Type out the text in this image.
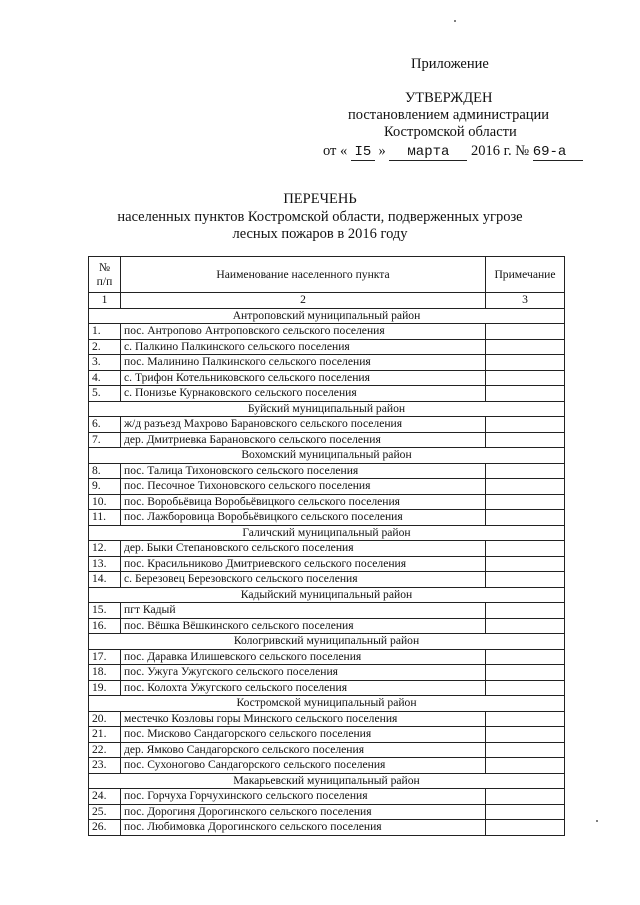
Приложение
УТВЕРЖДЕН
постановлением администрации
Костромской области
от « I5 » марта 2016 г. № 69-а
ПЕРЕЧЕНЬ
населенных пунктов Костромской области, подверженных угрозе
лесных пожаров в 2016 году
№
п/п	Наименование населенного пункта	Примечание
1	2	3
Антроповский муниципальный район		
1.	пос. Антропово Антроповского сельского поселения	
2.	с. Палкино Палкинского сельского поселения	
3.	пос. Малинино Палкинского сельского поселения	
4.	с. Трифон Котельниковского сельского поселения	
5.	с. Понизье Курнаковского сельского поселения	
Буйский муниципальный район		
6.	ж/д разъезд Махрово Барановского сельского поселения	
7.	дер. Дмитриевка Барановского сельского поселения	
Вохомский муниципальный район		
8.	пос. Талица Тихоновского сельского поселения	
9.	пос. Песочное Тихоновского сельского поселения	
10.	пос. Воробьёвица Воробьёвицкого сельского поселения	
11.	пос. Лажборовица Воробьёвицкого сельского поселения	
Галичский муниципальный район		
12.	дер. Быки Степановского сельского поселения	
13.	пос. Красильниково Дмитриевского сельского поселения	
14.	с. Березовец Березовского сельского поселения	
Кадыйский муниципальный район		
15.	пгт Кадый	
16.	пос. Вёшка Вёшкинского сельского поселения	
Кологривский муниципальный район		
17.	пос. Даравка Илишевского сельского поселения	
18.	пос. Ужуга Ужугского сельского поселения	
19.	пос. Колохта Ужугского сельского поселения	
Костромской муниципальный район		
20.	местечко Козловы горы Минского сельского поселения	
21.	пос. Мисково Сандагорского сельского поселения	
22.	дер. Ямково Сандагорского сельского поселения	
23.	пос. Сухоногово Сандагорского сельского поселения	
Макарьевский муниципальный район		
24.	пос. Горчуха Горчухинского сельского поселения	
25.	пос. Дорогиня Дорогинского сельского поселения	
26.	пос. Любимовка Дорогинского сельского поселения	
